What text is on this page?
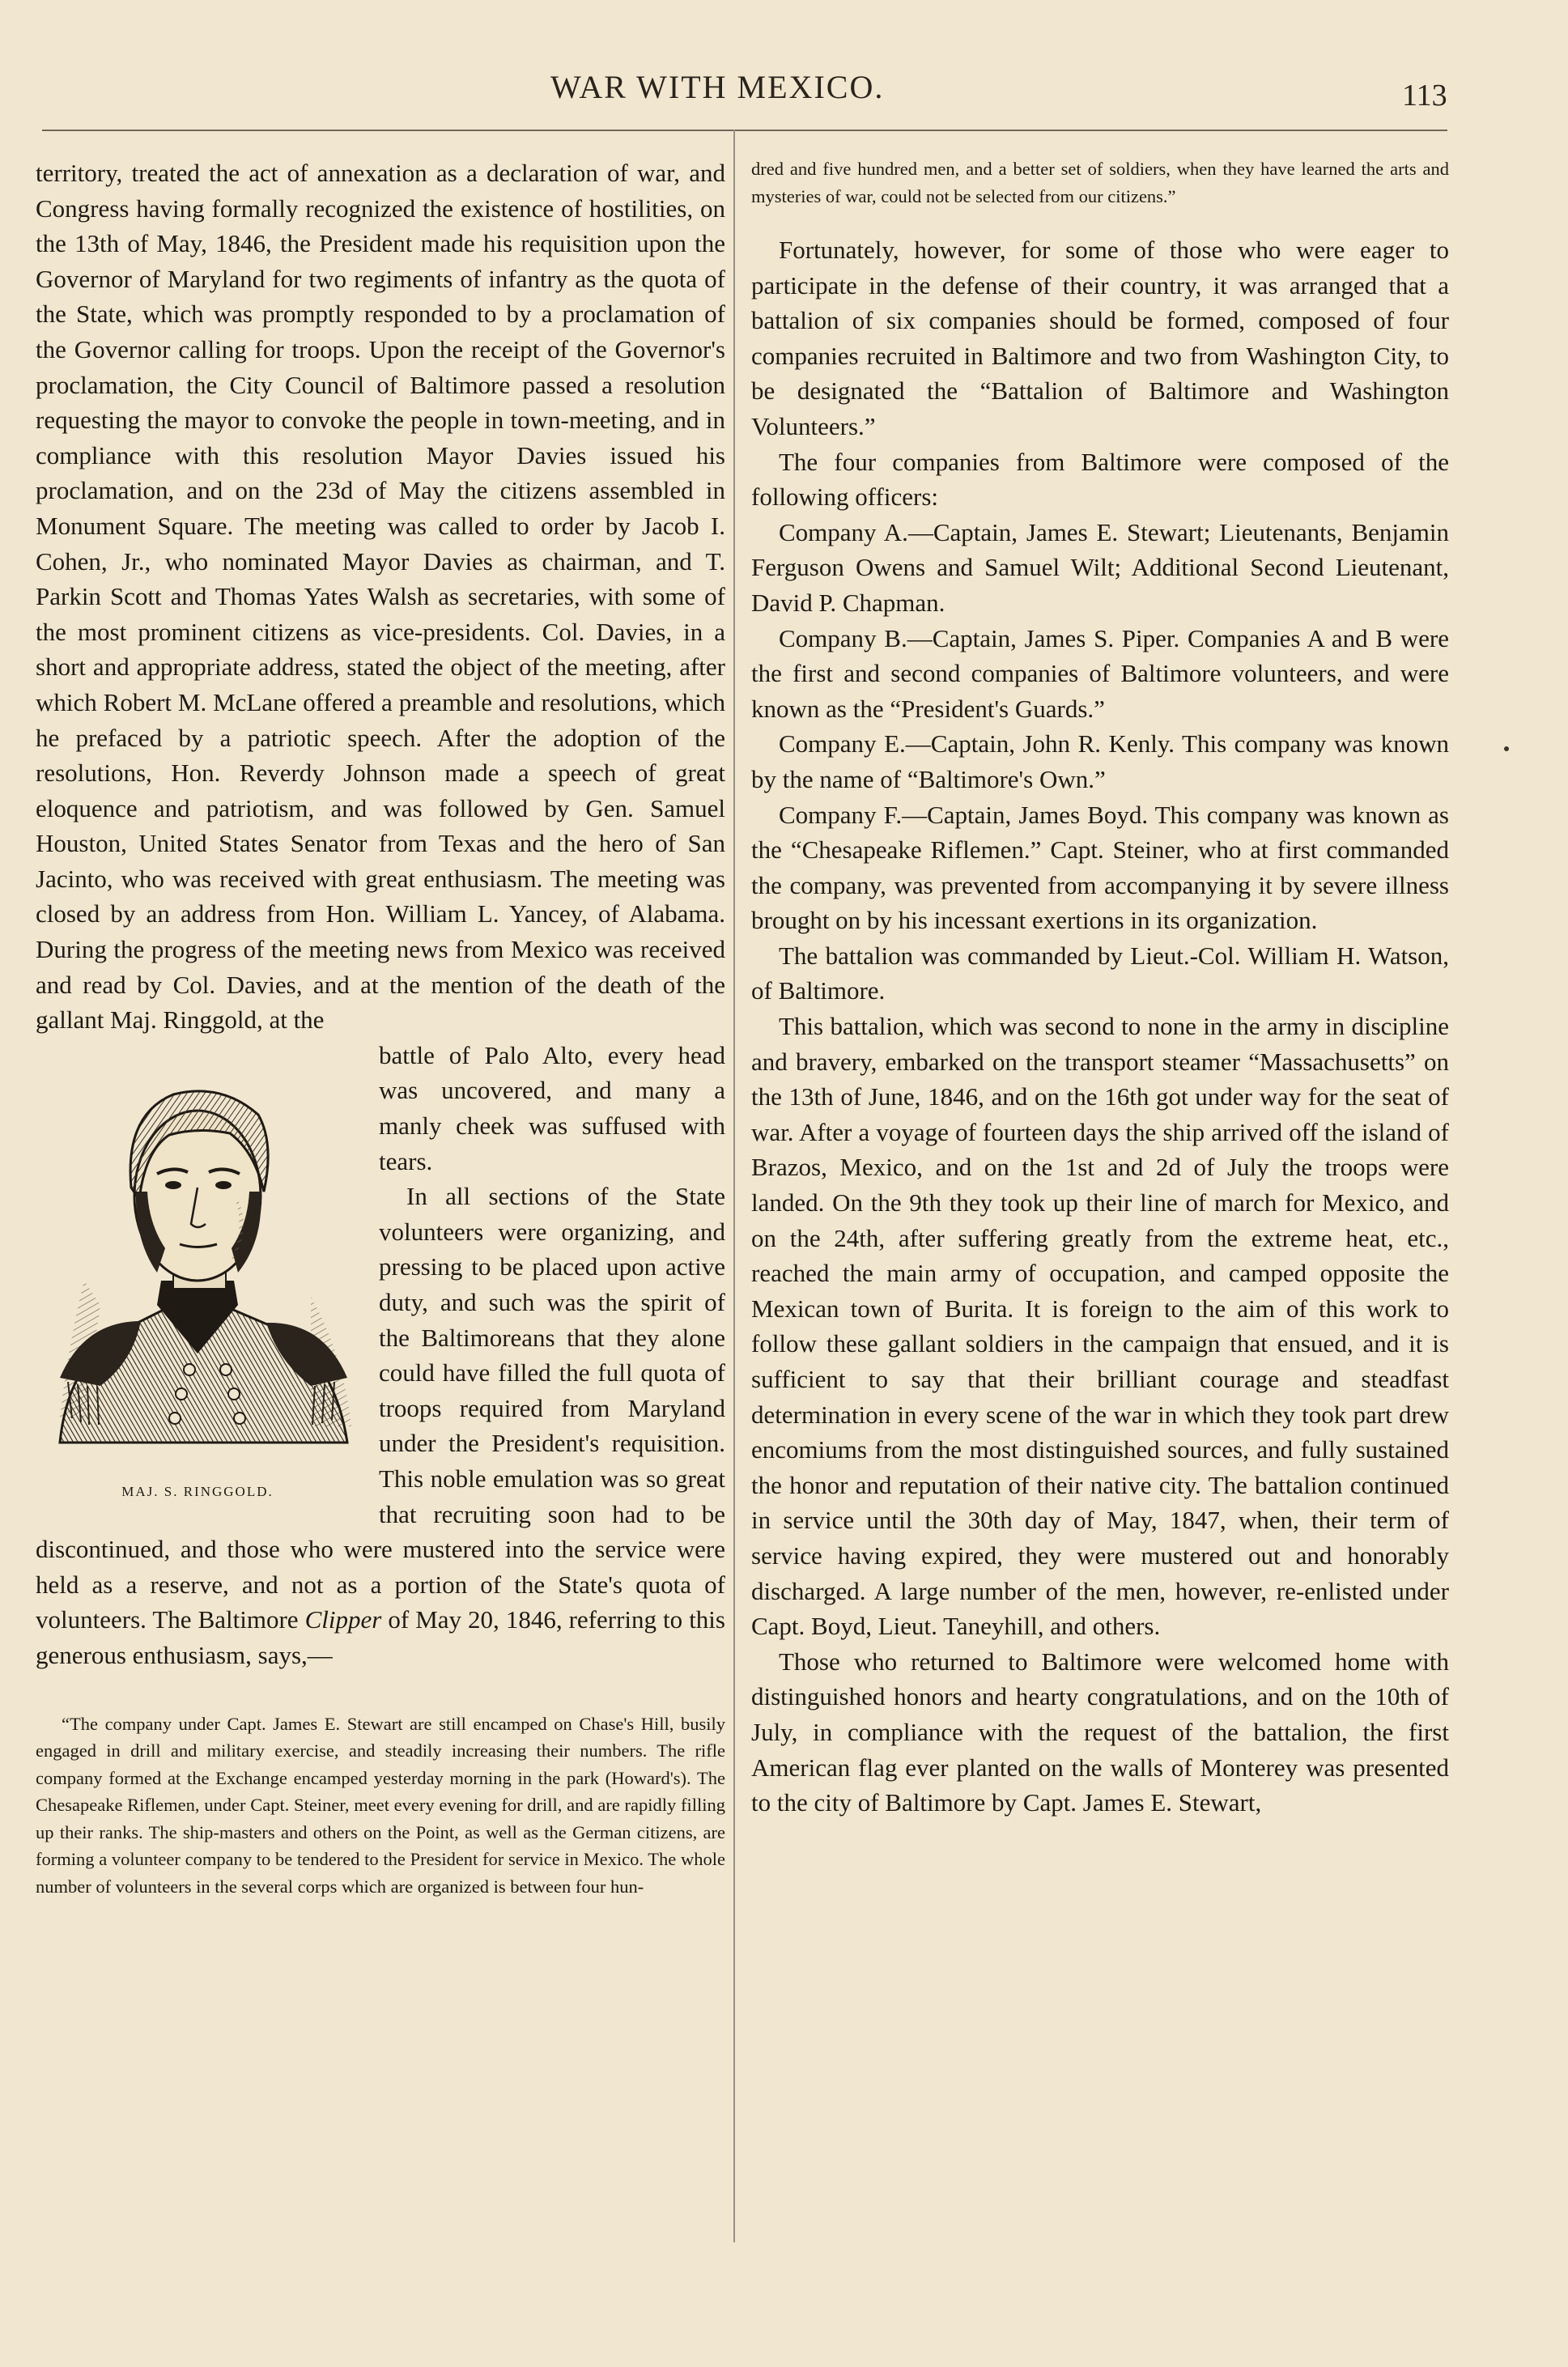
WAR WITH MEXICO.	113

territory, treated the act of annexation as a declaration of war, and Congress having formally recognized the existence of hostilities, on the 13th of May, 1846, the President made his requisition upon the Governor of Maryland for two regiments of infantry as the quota of the State, which was promptly responded to by a proclamation of the Governor calling for troops. Upon the receipt of the Governor's proclamation, the City Council of Baltimore passed a resolution requesting the mayor to convoke the people in town-meeting, and in compliance with this resolution Mayor Davies issued his proclamation, and on the 23d of May the citizens assembled in Monument Square. The meeting was called to order by Jacob I. Cohen, Jr., who nominated Mayor Davies as chairman, and T. Parkin Scott and Thomas Yates Walsh as secretaries, with some of the most prominent citizens as vice-presidents. Col. Davies, in a short and appropriate address, stated the object of the meeting, after which Robert M. McLane offered a preamble and resolutions, which he prefaced by a patriotic speech. After the adoption of the resolutions, Hon. Reverdy Johnson made a speech of great eloquence and patriotism, and was followed by Gen. Samuel Houston, United States Senator from Texas and the hero of San Jacinto, who was received with great enthusiasm. The meeting was closed by an address from Hon. William L. Yancey, of Alabama. During the progress of the meeting news from Mexico was received and read by Col. Davies, and at the mention of the death of the gallant Maj. Ringgold, at the

MAJ. S. RINGGOLD.

battle of Palo Alto, every head was uncovered, and many a manly cheek was suffused with tears.

In all sections of the State volunteers were organizing, and pressing to be placed upon active duty, and such was the spirit of the Baltimoreans that they alone could have filled the full quota of troops required from Maryland under the President's requisition. This noble emulation was so great that recruiting soon had to be discontinued, and those who were mustered into the service were held as a reserve, and not as a portion of the State's quota of volunteers. The Baltimore Clipper of May 20, 1846, referring to this generous enthusiasm, says,—

“The company under Capt. James E. Stewart are still encamped on Chase's Hill, busily engaged in drill and military exercise, and steadily increasing their numbers. The rifle company formed at the Exchange encamped yesterday morning in the park (Howard's). The Chesapeake Riflemen, under Capt. Steiner, meet every evening for drill, and are rapidly filling up their ranks. The ship-masters and others on the Point, as well as the German citizens, are forming a volunteer company to be tendered to the President for service in Mexico. The whole number of volunteers in the several corps which are organized is between four hun-

dred and five hundred men, and a better set of soldiers, when they have learned the arts and mysteries of war, could not be selected from our citizens.”

Fortunately, however, for some of those who were eager to participate in the defense of their country, it was arranged that a battalion of six companies should be formed, composed of four companies recruited in Baltimore and two from Washington City, to be designated the “Battalion of Baltimore and Washington Volunteers.”

The four companies from Baltimore were composed of the following officers:

Company A.—Captain, James E. Stewart; Lieutenants, Benjamin Ferguson Owens and Samuel Wilt; Additional Second Lieutenant, David P. Chapman.

Company B.—Captain, James S. Piper. Companies A and B were the first and second companies of Baltimore volunteers, and were known as the “President's Guards.”

Company E.—Captain, John R. Kenly. This company was known by the name of “Baltimore's Own.”

Company F.—Captain, James Boyd. This company was known as the “Chesapeake Riflemen.” Capt. Steiner, who at first commanded the company, was prevented from accompanying it by severe illness brought on by his incessant exertions in its organization.

The battalion was commanded by Lieut.-Col. William H. Watson, of Baltimore.

This battalion, which was second to none in the army in discipline and bravery, embarked on the transport steamer “Massachusetts” on the 13th of June, 1846, and on the 16th got under way for the seat of war. After a voyage of fourteen days the ship arrived off the island of Brazos, Mexico, and on the 1st and 2d of July the troops were landed. On the 9th they took up their line of march for Mexico, and on the 24th, after suffering greatly from the extreme heat, etc., reached the main army of occupation, and camped opposite the Mexican town of Burita. It is foreign to the aim of this work to follow these gallant soldiers in the campaign that ensued, and it is sufficient to say that their brilliant courage and steadfast determination in every scene of the war in which they took part drew encomiums from the most distinguished sources, and fully sustained the honor and reputation of their native city. The battalion continued in service until the 30th day of May, 1847, when, their term of service having expired, they were mustered out and honorably discharged. A large number of the men, however, re-enlisted under Capt. Boyd, Lieut. Taneyhill, and others.

Those who returned to Baltimore were welcomed home with distinguished honors and hearty congratulations, and on the 10th of July, in compliance with the request of the battalion, the first American flag ever planted on the walls of Monterey was presented to the city of Baltimore by Capt. James E. Stewart,
